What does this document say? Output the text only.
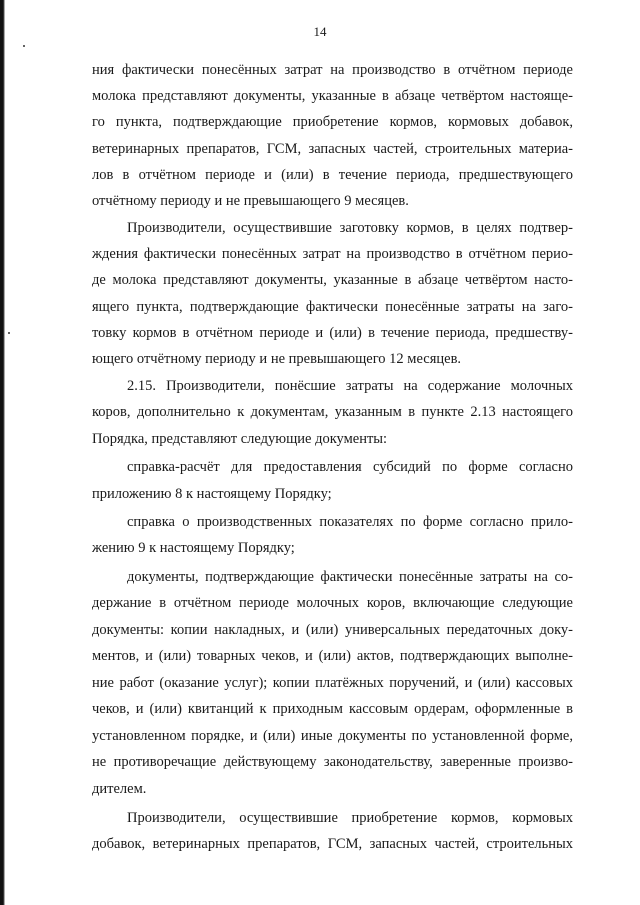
14
ния фактически понесённых затрат на производство в отчётном периоде
молока представляют документы, указанные в абзаце четвёртом настояще-
го пункта, подтверждающие приобретение кормов, кормовых добавок,
ветеринарных препаратов, ГСМ, запасных частей, строительных материа-
лов в отчётном периоде и (или) в течение периода, предшествующего
отчётному периоду и не превышающего 9 месяцев.
Производители, осуществившие заготовку кормов, в целях подтвер-
ждения фактически понесённых затрат на производство в отчётном перио-
де молока представляют документы, указанные в абзаце четвёртом насто-
ящего пункта, подтверждающие фактически понесённые затраты на заго-
товку кормов в отчётном периоде и (или) в течение периода, предшеству-
ющего отчётному периоду и не превышающего 12 месяцев.
2.15. Производители, понёсшие затраты на содержание молочных
коров, дополнительно к документам, указанным в пункте 2.13 настоящего
Порядка, представляют следующие документы:
справка-расчёт для предоставления субсидий по форме согласно
приложению 8 к настоящему Порядку;
справка о производственных показателях по форме согласно прило-
жению 9 к настоящему Порядку;
документы, подтверждающие фактически понесённые затраты на со-
держание в отчётном периоде молочных коров, включающие следующие
документы: копии накладных, и (или) универсальных передаточных доку-
ментов, и (или) товарных чеков, и (или) актов, подтверждающих выполне-
ние работ (оказание услуг); копии платёжных поручений, и (или) кассовых
чеков, и (или) квитанций к приходным кассовым ордерам, оформленные в
установленном порядке, и (или) иные документы по установленной форме,
не противоречащие действующему законодательству, заверенные произво-
дителем.
Производители, осуществившие приобретение кормов, кормовых
добавок, ветеринарных препаратов, ГСМ, запасных частей, строительных
